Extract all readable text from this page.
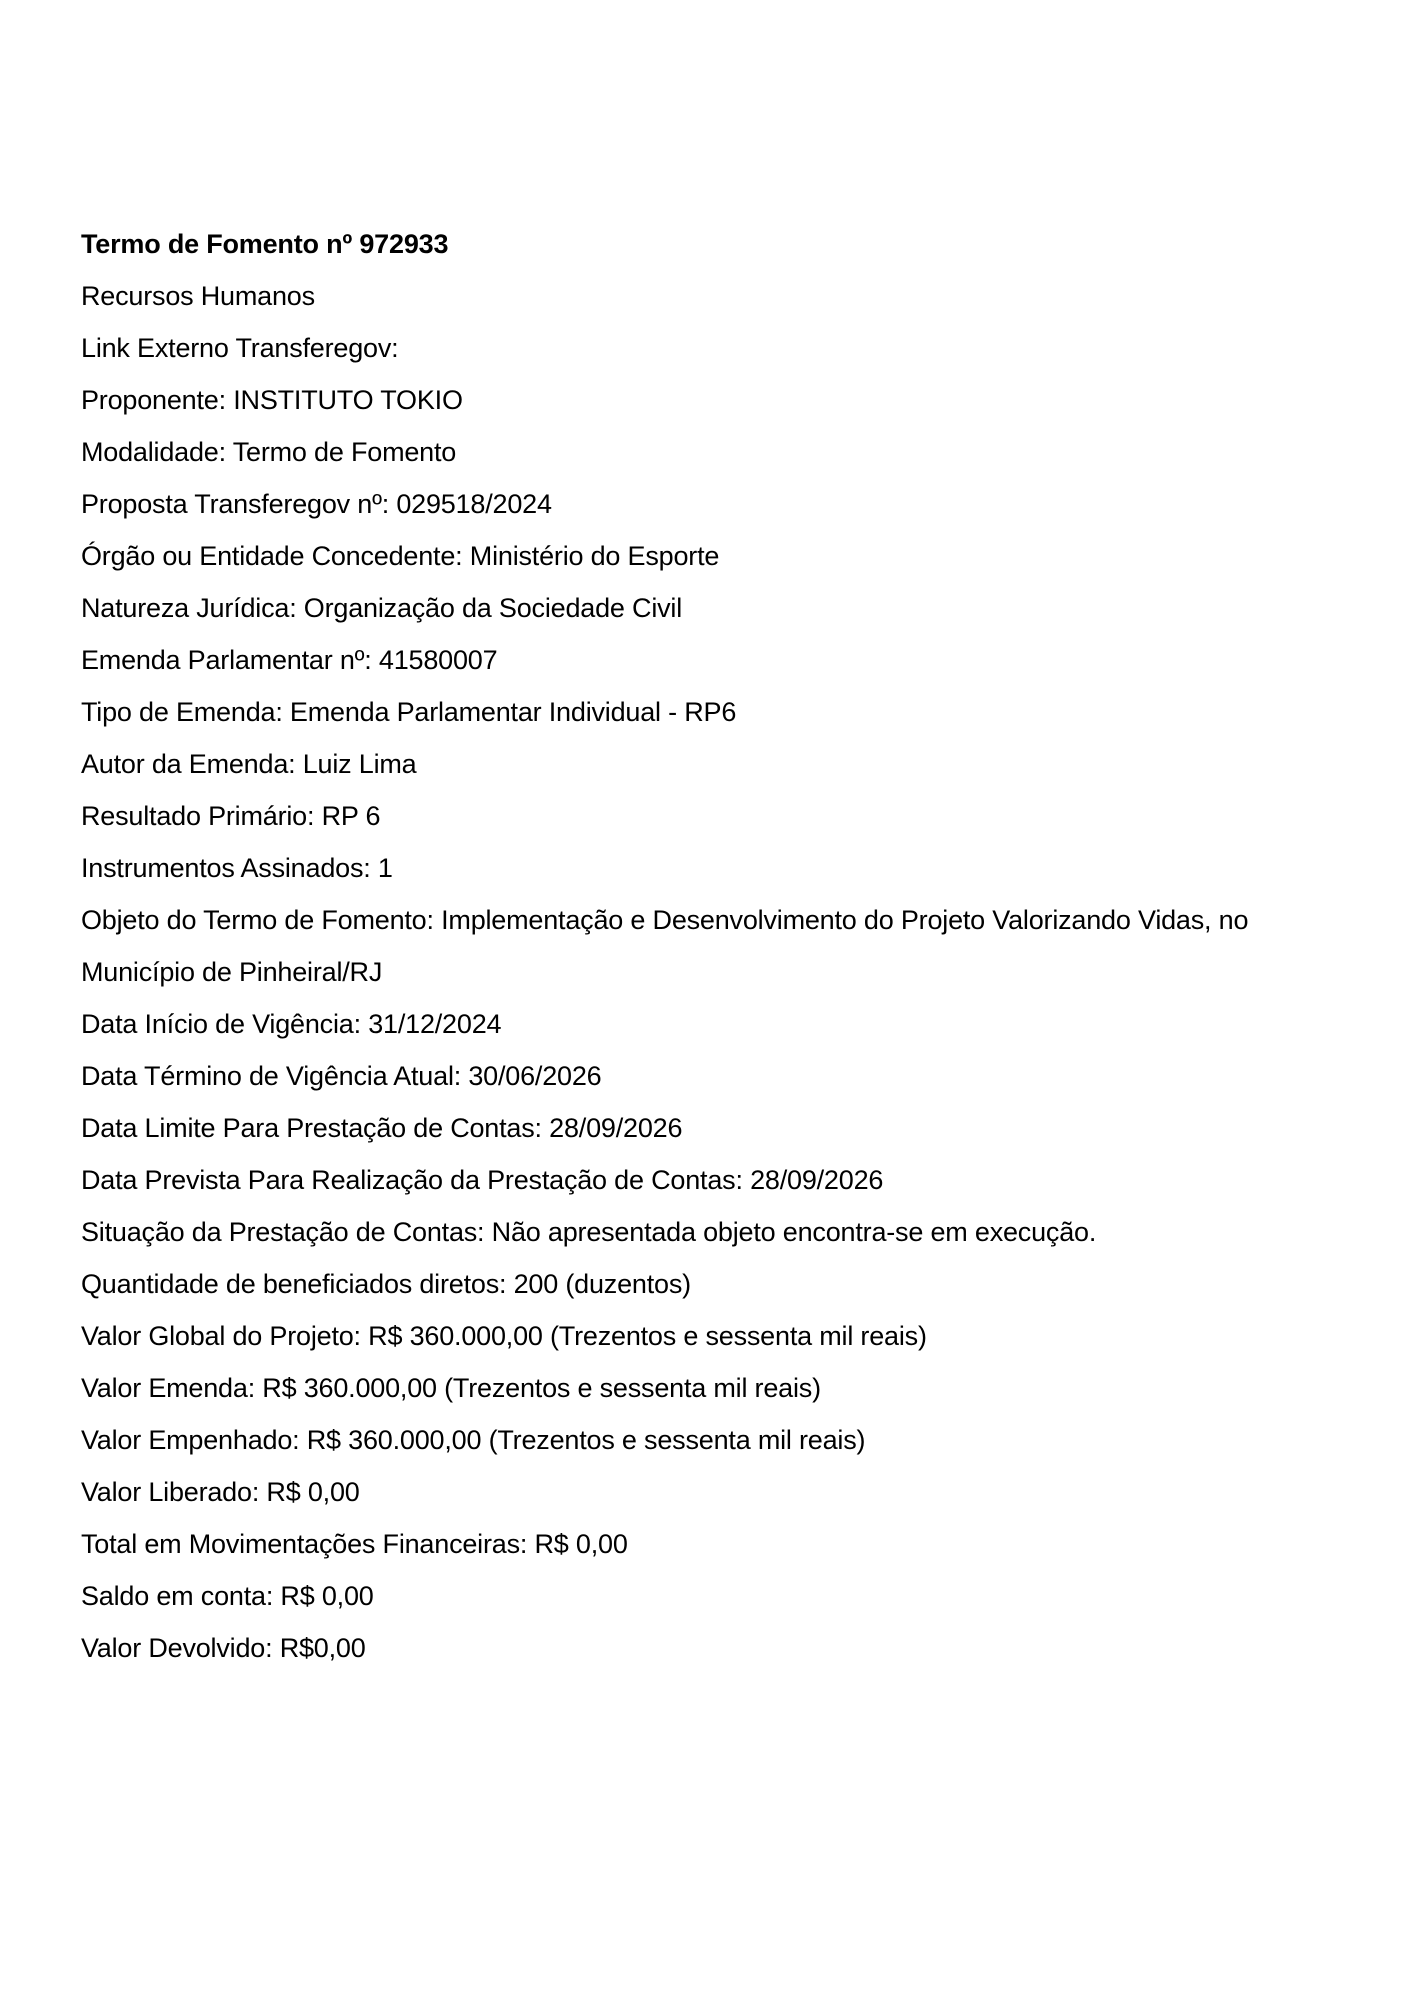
Termo de Fomento nº 972933
Recursos Humanos
Link Externo Transferegov:
Proponente: INSTITUTO TOKIO
Modalidade: Termo de Fomento
Proposta Transferegov nº: 029518/2024
Órgão ou Entidade Concedente: Ministério do Esporte
Natureza Jurídica: Organização da Sociedade Civil
Emenda Parlamentar nº: 41580007
Tipo de Emenda: Emenda Parlamentar Individual - RP6
Autor da Emenda: Luiz Lima
Resultado Primário: RP 6
Instrumentos Assinados: 1
Objeto do Termo de Fomento: Implementação e Desenvolvimento do Projeto Valorizando Vidas, no
Município de Pinheiral/RJ
Data Início de Vigência: 31/12/2024
Data Término de Vigência Atual: 30/06/2026
Data Limite Para Prestação de Contas: 28/09/2026
Data Prevista Para Realização da Prestação de Contas: 28/09/2026
Situação da Prestação de Contas: Não apresentada objeto encontra-se em execução.
Quantidade de beneficiados diretos: 200 (duzentos)
Valor Global do Projeto: R$ 360.000,00 (Trezentos e sessenta mil reais)
Valor Emenda: R$ 360.000,00 (Trezentos e sessenta mil reais)
Valor Empenhado: R$ 360.000,00 (Trezentos e sessenta mil reais)
Valor Liberado: R$ 0,00
Total em Movimentações Financeiras: R$ 0,00
Saldo em conta: R$ 0,00
Valor Devolvido: R$0,00
